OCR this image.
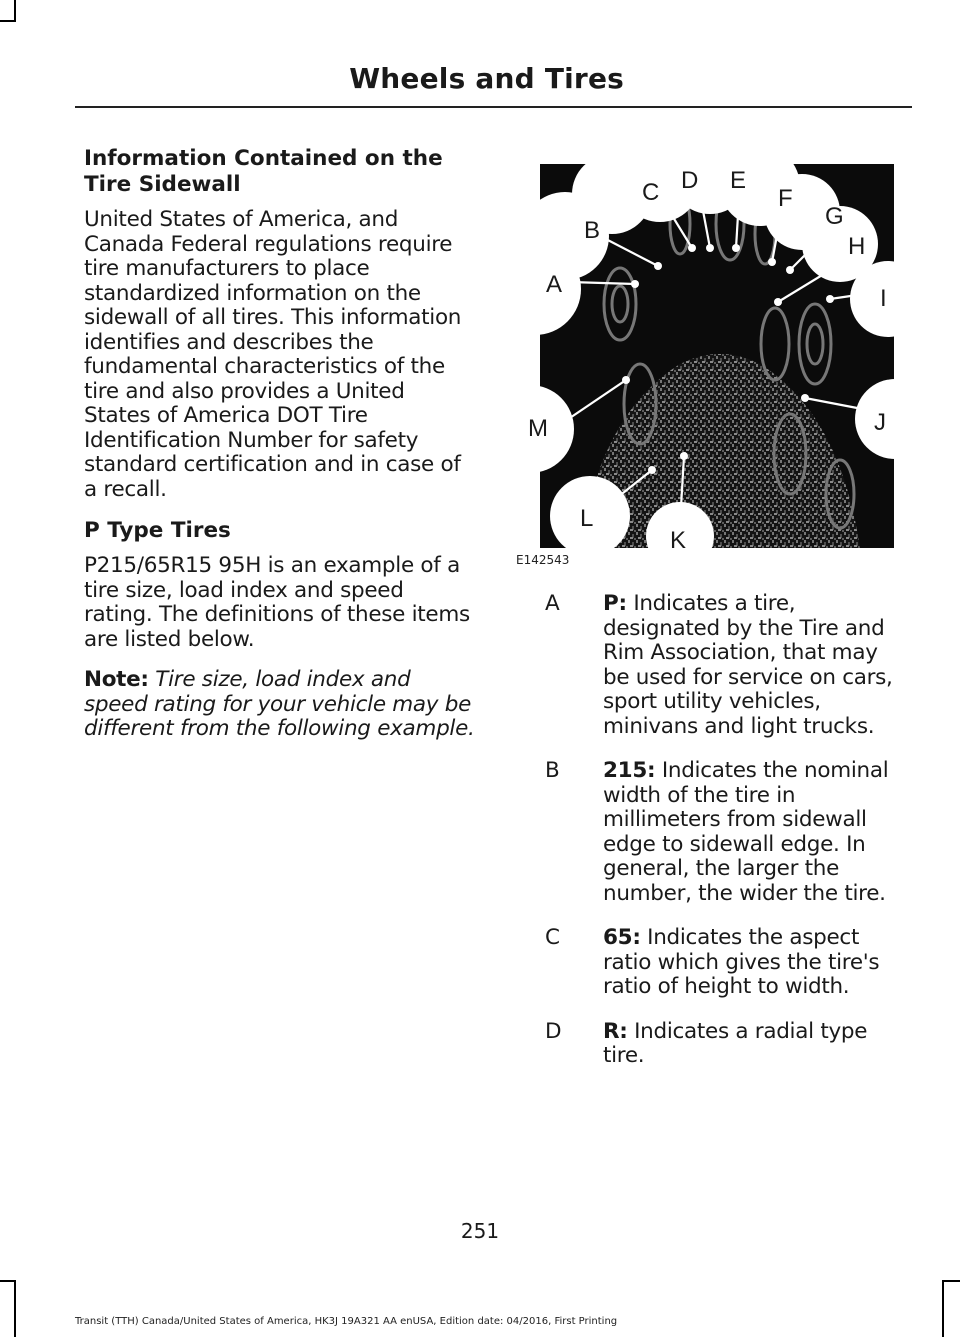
Wheels and Tires
Information Contained on the Tire Sidewall

United States of America, and Canada Federal regulations require tire manufacturers to place standardized information on the sidewall of all tires. This information identifies and describes the fundamental characteristics of the tire and also provides a United States of America DOT Tire Identification Number for safety standard certification and in case of a recall.

P Type Tires

P215/65R15 95H is an example of a tire size, load index and speed rating. The definitions of these items are listed below.

Note: Tire size, load index and speed rating for your vehicle may be different from the following example.

A
B
C D E
F
G
H
I
J
K
L
M
E142543
A P: Indicates a tire, designated by the Tire and Rim Association, that may be used for service on cars, sport utility vehicles, minivans and light trucks.
B 215: Indicates the nominal width of the tire in millimeters from sidewall edge to sidewall edge. In general, the larger the number, the wider the tire.
C 65: Indicates the aspect ratio which gives the tire's ratio of height to width.
D R: Indicates a radial type tire.
251
Transit (TTH) Canada/United States of America, HK3J 19A321 AA enUSA, Edition date: 04/2016, First Printing
